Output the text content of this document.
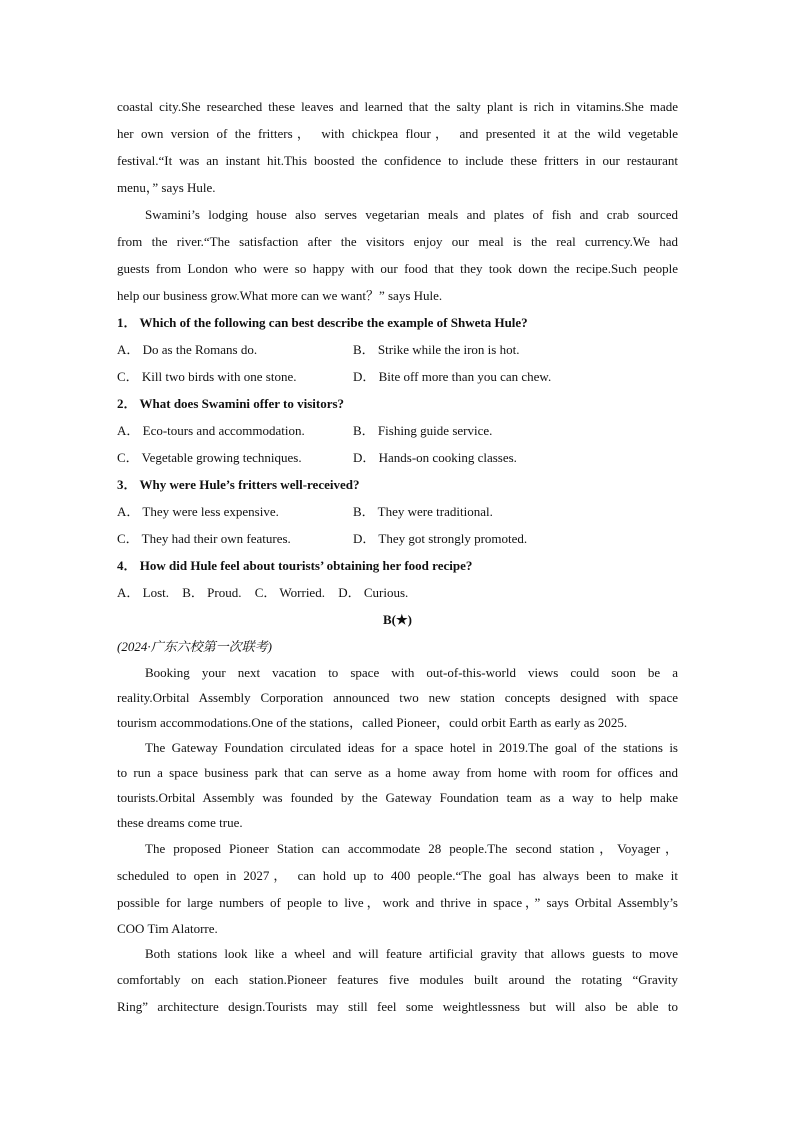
coastal city.She researched these leaves and learned that the salty plant is rich in vitamins.She made
her own version of the fritters， with chickpea flour， and presented it at the wild vegetable
festival.“It was an instant hit.This boosted the confidence to include these fritters in our restaurant
menu，” says Hule.
Swamini’s lodging house also serves vegetarian meals and plates of fish and crab sourced
from the river.“The satisfaction after the visitors enjoy our meal is the real currency.We had
guests from London who were so happy with our food that they took down the recipe.Such people
help our business grow.What more can we want？” says Hule.
1． Which of the following can best describe the example of Shweta Hule?
A． Do as the Romans do.	B． Strike while the iron is hot.
C． Kill two birds with one stone.	D． Bite off more than you can chew.
2． What does Swamini offer to visitors?
A． Eco-tours and accommodation.	B． Fishing guide service.
C． Vegetable growing techniques.	D． Hands-on cooking classes.
3． Why were Hule’s fritters well-received?
A． They were less expensive.	B． They were traditional.
C． They had their own features.	D． They got strongly promoted.
4． How did Hule feel about tourists’ obtaining her food recipe?
A． Lost. B． Proud. C． Worried. D． Curious.
B(★)
(2024·广东六校第一次联考)
Booking your next vacation to space with out-of-this-world views could soon be a
reality.Orbital Assembly Corporation announced two new station concepts designed with space
tourism accommodations.One of the stations，called Pioneer，could orbit Earth as early as 2025.
The Gateway Foundation circulated ideas for a space hotel in 2019.The goal of the stations is
to run a space business park that can serve as a home away from home with room for offices and
tourists.Orbital Assembly was founded by the Gateway Foundation team as a way to help make
these dreams come true.
The proposed Pioneer Station can accommodate 28 people.The second station，Voyager，
scheduled to open in 2027， can hold up to 400 people.“The goal has always been to make it
possible for large numbers of people to live，work and thrive in space，” says Orbital Assembly’s
COO Tim Alatorre.
Both stations look like a wheel and will feature artificial gravity that allows guests to move
comfortably on each station.Pioneer features five modules built around the rotating “Gravity
Ring” architecture design.Tourists may still feel some weightlessness but will also be able to
